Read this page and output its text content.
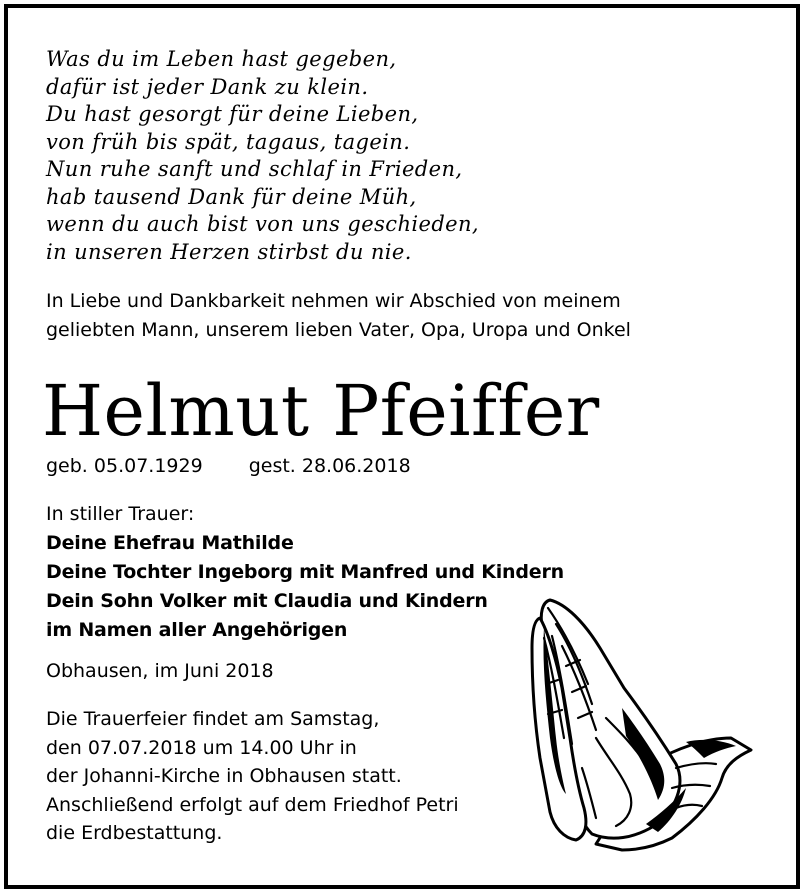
Was du im Leben hast gegeben,
dafür ist jeder Dank zu klein.
Du hast gesorgt für deine Lieben,
von früh bis spät, tagaus, tagein.
Nun ruhe sanft und schlaf in Frieden,
hab tausend Dank für deine Müh,
wenn du auch bist von uns geschieden,
in unseren Herzen stirbst du nie.
In Liebe und Dankbarkeit nehmen wir Abschied von meinem
geliebten Mann, unserem lieben Vater, Opa, Uropa und Onkel
Helmut Pfeiffer
geb. 05.07.1929 gest. 28.06.2018
In stiller Trauer:
Deine Ehefrau Mathilde
Deine Tochter Ingeborg mit Manfred und Kindern
Dein Sohn Volker mit Claudia und Kindern
im Namen aller Angehörigen
Obhausen, im Juni 2018
Die Trauerfeier findet am Samstag,
den 07.07.2018 um 14.00 Uhr in
der Johanni-Kirche in Obhausen statt.
Anschließend erfolgt auf dem Friedhof Petri
die Erdbestattung.
